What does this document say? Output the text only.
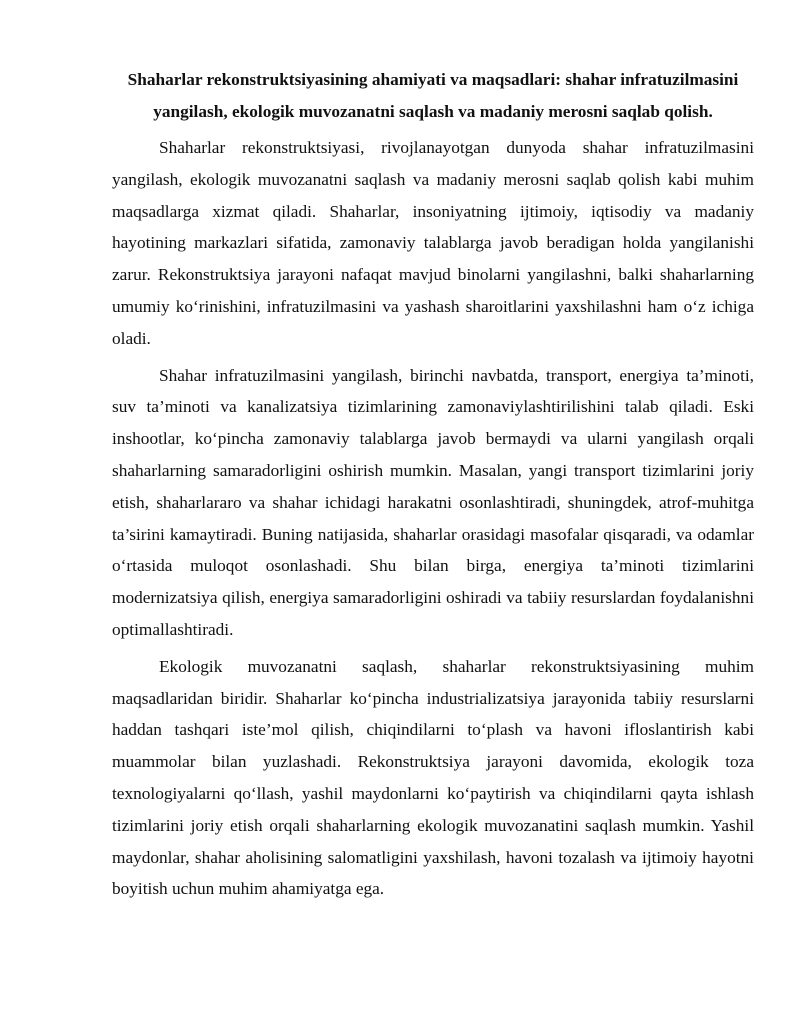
Shaharlar rekonstruktsiyasining ahamiyati va maqsadlari: shahar infratuzilmasini yangilash, ekologik muvozanatni saqlash va madaniy merosni saqlab qolish.

Shaharlar rekonstruktsiyasi, rivojlanayotgan dunyoda shahar infratuzilmasini yangilash, ekologik muvozanatni saqlash va madaniy merosni saqlab qolish kabi muhim maqsadlarga xizmat qiladi. Shaharlar, insoniyatning ijtimoiy, iqtisodiy va madaniy hayotining markazlari sifatida, zamonaviy talablarga javob beradigan holda yangilanishi zarur. Rekonstruktsiya jarayoni nafaqat mavjud binolarni yangilashni, balki shaharlarning umumiy ko‘rinishini, infratuzilmasini va yashash sharoitlarini yaxshilashni ham o‘z ichiga oladi.

Shahar infratuzilmasini yangilash, birinchi navbatda, transport, energiya ta’minoti, suv ta’minoti va kanalizatsiya tizimlarining zamonaviylashtirilishini talab qiladi. Eski inshootlar, ko‘pincha zamonaviy talablarga javob bermaydi va ularni yangilash orqali shaharlarning samaradorligini oshirish mumkin. Masalan, yangi transport tizimlarini joriy etish, shaharlararo va shahar ichidagi harakatni osonlashtiradi, shuningdek, atrof-muhitga ta’sirini kamaytiradi. Buning natijasida, shaharlar orasidagi masofalar qisqaradi, va odamlar o‘rtasida muloqot osonlashadi. Shu bilan birga, energiya ta’minoti tizimlarini modernizatsiya qilish, energiya samaradorligini oshiradi va tabiiy resurslardan foydalanishni optimallashtiradi.

Ekologik muvozanatni saqlash, shaharlar rekonstruktsiyasining muhim maqsadlaridan biridir. Shaharlar ko‘pincha industrializatsiya jarayonida tabiiy resurslarni haddan tashqari iste’mol qilish, chiqindilarni to‘plash va havoni ifloslantirish kabi muammolar bilan yuzlashadi. Rekonstruktsiya jarayoni davomida, ekologik toza texnologiyalarni qo‘llash, yashil maydonlarni ko‘paytirish va chiqindilarni qayta ishlash tizimlarini joriy etish orqali shaharlarning ekologik muvozanatini saqlash mumkin. Yashil maydonlar, shahar aholisining salomatligini yaxshilash, havoni tozalash va ijtimoiy hayotni boyitish uchun muhim ahamiyatga ega.
